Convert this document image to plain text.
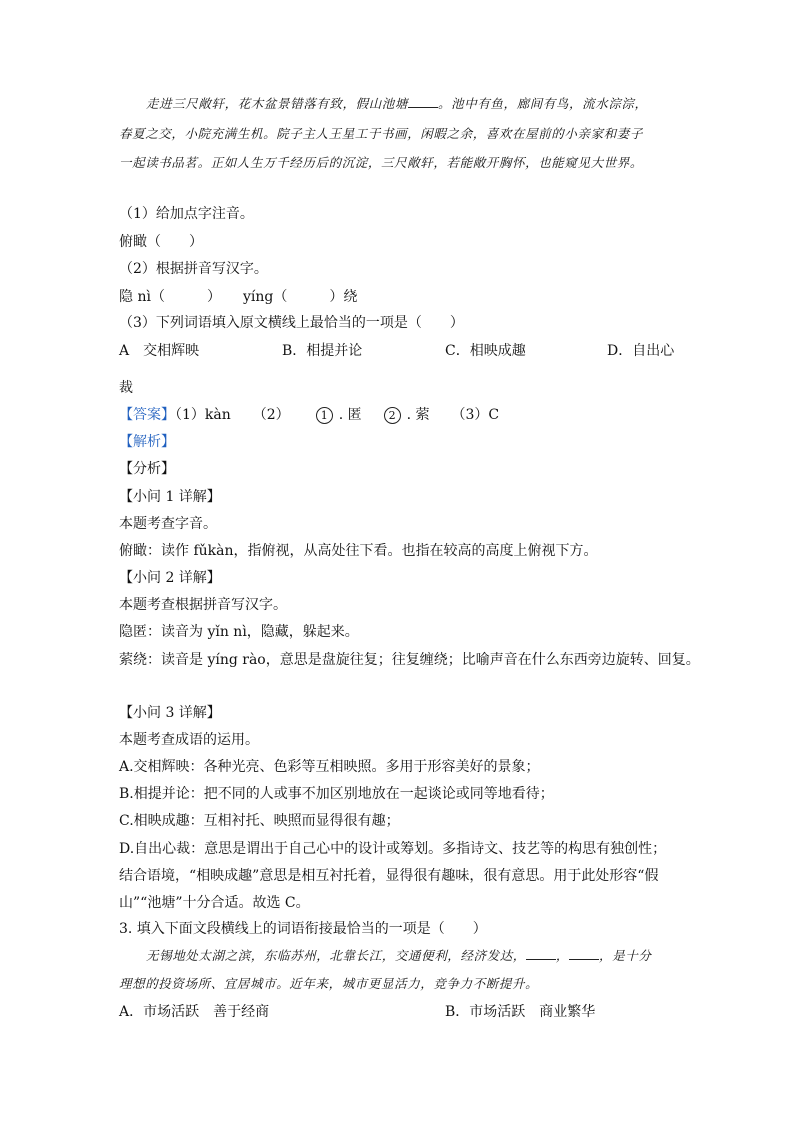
走进三尺敞轩，花木盆景错落有致，假山池塘 。池中有鱼，廊间有鸟，流水淙淙，
春夏之交，小院充满生机。院子主人王星工于书画，闲暇之余，喜欢在屋前的小亲家和妻子
一起读书品茗。正如人生万千经历后的沉淀，三尺敞轩，若能敞开胸怀，也能窥见大世界。
（1）给加点字注音。
俯瞰（　　）
（2）根据拼音写汉字。
隐 nì（　　　） yíng（　　　）绕
（3）下列词语填入原文横线上最恰当的一项是（　　）
A　交相辉映	B．相提并论	C．相映成趣	D．自出心
裁
【答案】（1）kàn （2）	1 . 匿 2 . 萦 （3）C
【解析】
【分析】
【小问 1 详解】
本题考查字音。
俯瞰：读作 fǔkàn，指俯视，从高处往下看。也指在较高的高度上俯视下方。
【小问 2 详解】
本题考查根据拼音写汉字。
隐匿：读音为 yǐn nì，隐藏，躲起来。
萦绕：读音是 yíng rào，意思是盘旋往复；往复缠绕；比喻声音在什么东西旁边旋转、回复。
【小问 3 详解】
本题考查成语的运用。
A.交相辉映：各种光亮、色彩等互相映照。多用于形容美好的景象；
B.相提并论：把不同的人或事不加区别地放在一起谈论或同等地看待；
C.相映成趣：互相衬托、映照而显得很有趣；
D.自出心裁：意思是谓出于自己心中的设计或筹划。多指诗文、技艺等的构思有独创性；
结合语境，“相映成趣”意思是相互衬托着，显得很有趣味，很有意思。用于此处形容“假
山”“池塘”十分合适。故选 C。
3. 填入下面文段横线上的词语衔接最恰当的一项是（　　）
无锡地处太湖之滨，东临苏州，北靠长江，交通便利，经济发达， ， ，是十分
理想的投资场所、宜居城市。近年来，城市更显活力，竞争力不断提升。
A．市场活跃　善于经商	B．市场活跃　商业繁华
